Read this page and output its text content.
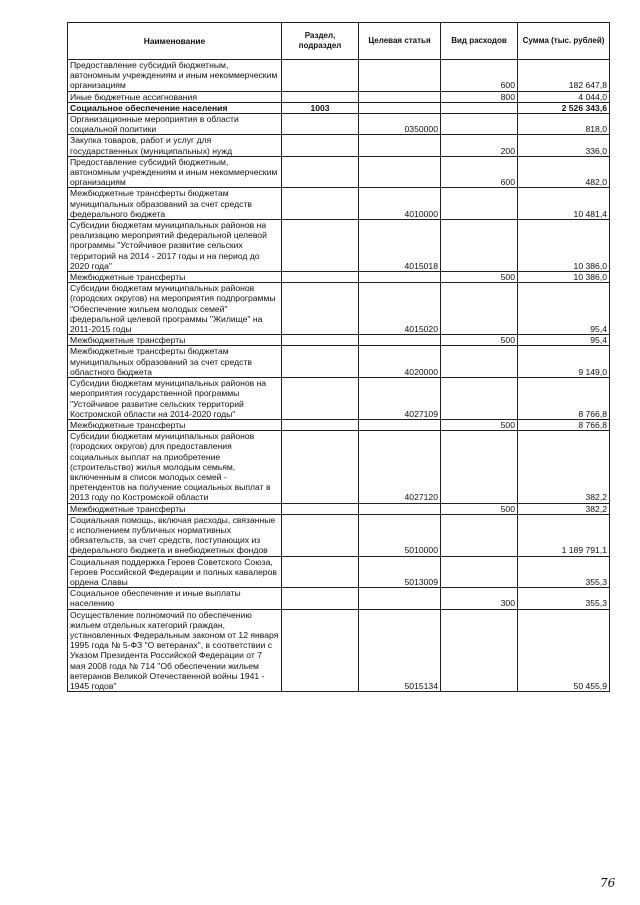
Наименование	Раздел, подраздел	Целевая статья	Вид расходов	Сумма (тыс. рублей)
Предоставление субсидий бюджетным, автономным учреждениям и иным некоммерческим организациям			600	182 647,8
Иные бюджетные ассигнования			800	4 044,0
Социальное обеспечение населения	1003			2 526 343,6
Организационные мероприятия в области социальной политики		0350000		818,0
Закупка товаров, работ и услуг для государственных (муниципальных) нужд			200	336,0
Предоставление субсидий бюджетным, автономным учреждениям и иным некоммерческим организациям			600	482,0
Межбюджетные трансферты бюджетам муниципальных образований за счет средств федерального бюджета		4010000		10 481,4
Субсидии бюджетам муниципальных районов на реализацию мероприятий федеральной целевой программы "Устойчивое развитие сельских территорий на 2014 - 2017 годы и на период до 2020 года"		4015018		10 386,0
Межбюджетные трансферты			500	10 386,0
Субсидии бюджетам муниципальных районов (городских округов) на мероприятия подпрограммы "Обеспечение жильем молодых семей" федеральной целевой программы "Жилище" на 2011-2015 годы		4015020		95,4
Межбюджетные трансферты			500	95,4
Межбюджетные трансферты бюджетам муниципальных образований за счет средств областного бюджета		4020000		9 149,0
Субсидии бюджетам муниципальных районов на мероприятия государственной программы "Устойчивое развитие сельских территорий Костромской области на 2014-2020 годы"		4027109		8 766,8
Межбюджетные трансферты			500	8 766,8
Субсидии бюджетам муниципальных районов (городских округов) для предоставления социальных выплат на приобретение (строительство) жилья молодым семьям, включенным в список молодых семей - претендентов на получение социальных выплат в 2013 году по Костромской области		4027120		382,2
Межбюджетные трансферты			500	382,2
Социальная помощь, включая расходы, связанные с исполнением публичных нормативных обязательств, за счет средств, поступающих из федерального бюджета и внебюджетных фондов		5010000		1 189 791,1
Социальная поддержка Героев Советского Союза, Героев Российской Федерации и полных кавалеров ордена Славы		5013009		355,3
Социальное обеспечение и иные выплаты населению			300	355,3
Осуществление полномочий по обеспечению жильем отдельных категорий граждан, установленных Федеральным законом от 12 января 1995 года № 5-ФЗ "О ветеранах", в соответствии с Указом Президента Российской Федерации от 7 мая 2008 года № 714 "Об обеспечении жильем ветеранов Великой Отечественной войны 1941 - 1945 годов"		5015134		50 455,9
76
